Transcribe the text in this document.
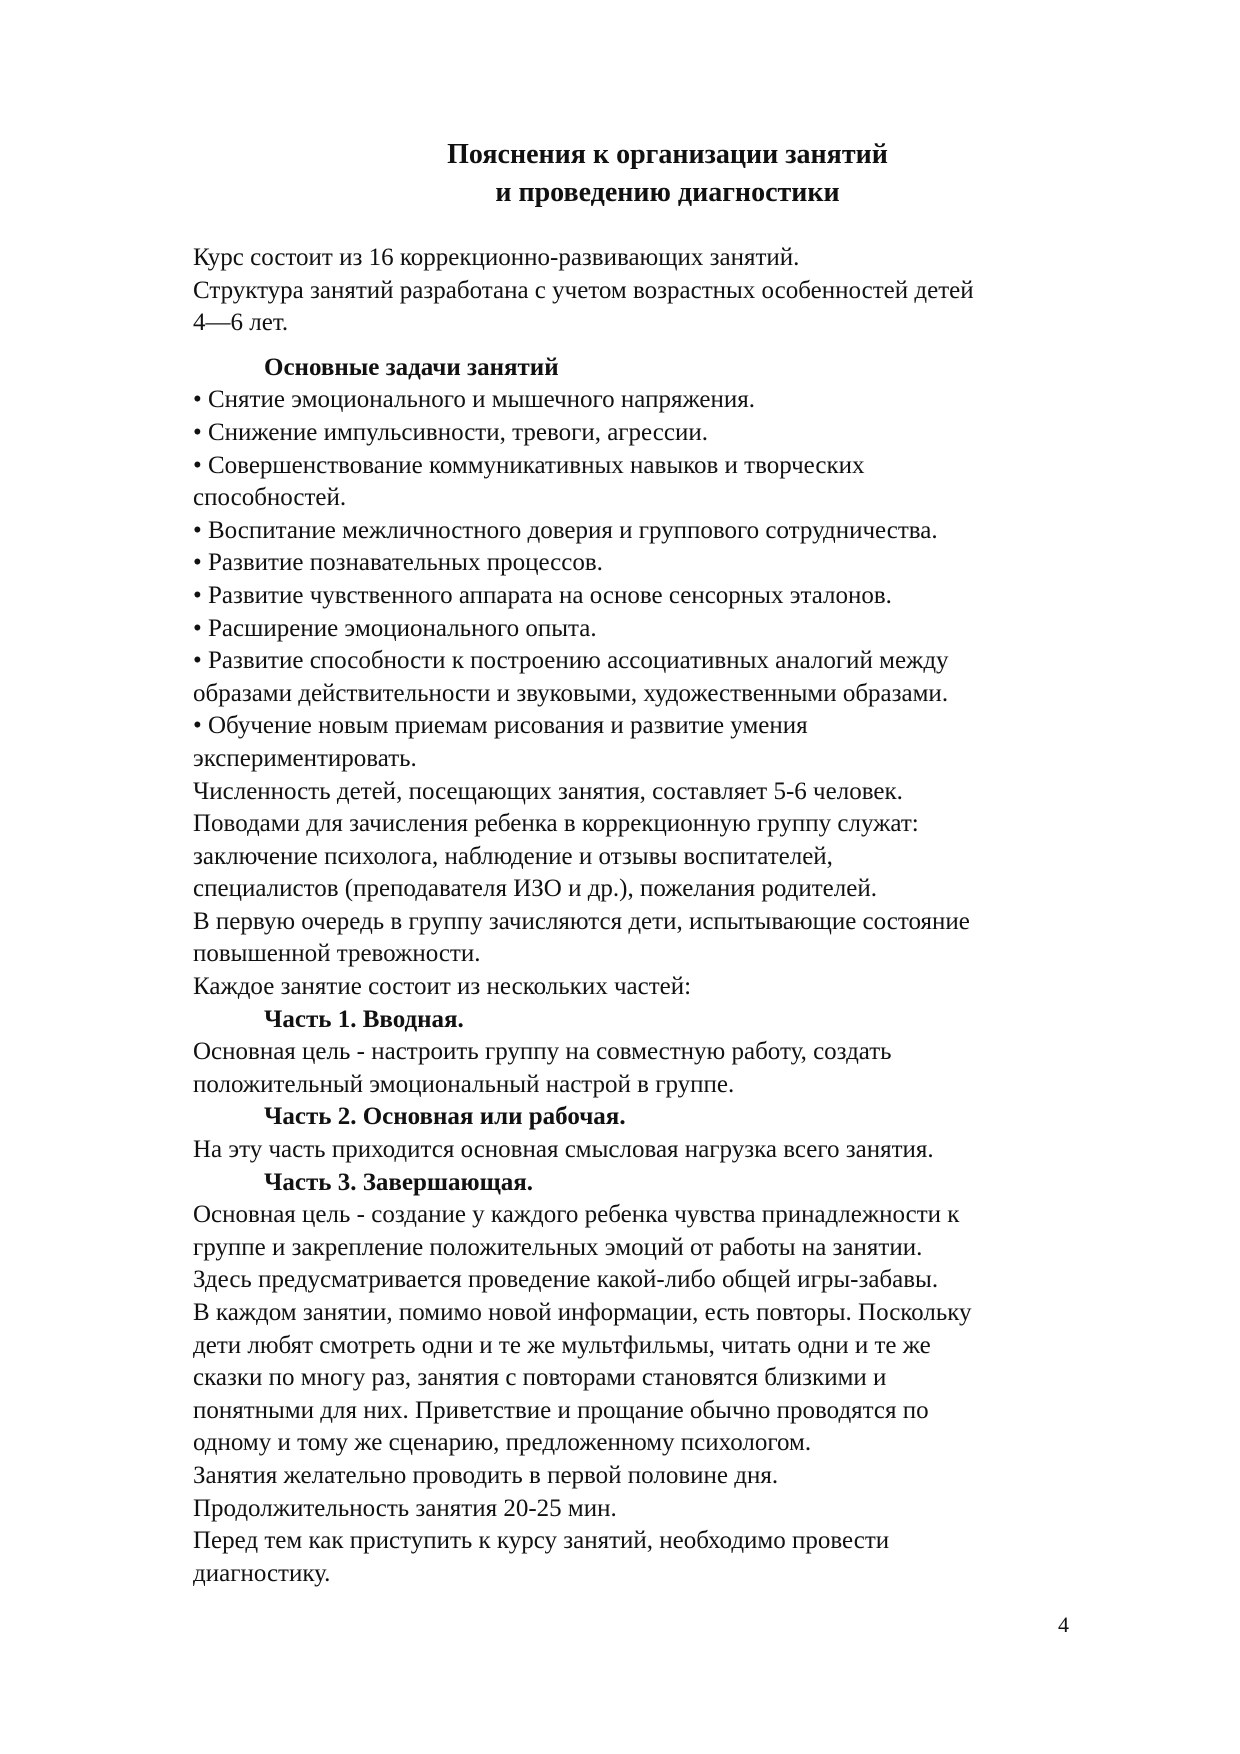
Пояснения к организации занятий
и проведению диагностики

Курс состоит из 16 коррекционно-развивающих занятий.

Структура занятий разработана с учетом возрастных особенностей детей

4—6 лет.

Основные задачи занятий

• Снятие эмоционального и мышечного напряжения.

• Снижение импульсивности, тревоги, агрессии.

• Совершенствование коммуникативных навыков и творческих

способностей.

• Воспитание межличностного доверия и группового сотрудничества.

• Развитие познавательных процессов.

• Развитие чувственного аппарата на основе сенсорных эталонов.

• Расширение эмоционального опыта.

• Развитие способности к построению ассоциативных аналогий между

образами действительности и звуковыми, художественными образами.

• Обучение новым приемам рисования и развитие умения

экспериментировать.

Численность детей, посещающих занятия, составляет 5-6 человек.

Поводами для зачисления ребенка в коррекционную группу служат:

заключение психолога, наблюдение и отзывы воспитателей,

специалистов (преподавателя ИЗО и др.), пожелания родителей.

В первую очередь в группу зачисляются дети, испытывающие состояние

повышенной тревожности.

Каждое занятие состоит из нескольких частей:

Часть 1. Вводная.

Основная цель - настроить группу на совместную работу, создать

положительный эмоциональный настрой в группе.

Часть 2. Основная или рабочая.

На эту часть приходится основная смысловая нагрузка всего занятия.

Часть 3. Завершающая.

Основная цель - создание у каждого ребенка чувства принадлежности к

группе и закрепление положительных эмоций от работы на занятии.

Здесь предусматривается проведение какой-либо общей игры-забавы.

В каждом занятии, помимо новой информации, есть повторы. Поскольку

дети любят смотреть одни и те же мультфильмы, читать одни и те же

сказки по многу раз, занятия с повторами становятся близкими и

понятными для них. Приветствие и прощание обычно проводятся по

одному и тому же сценарию, предложенному психологом.

Занятия желательно проводить в первой половине дня.

Продолжительность занятия 20-25 мин.

Перед тем как приступить к курсу занятий, необходимо провести

диагностику.

4
